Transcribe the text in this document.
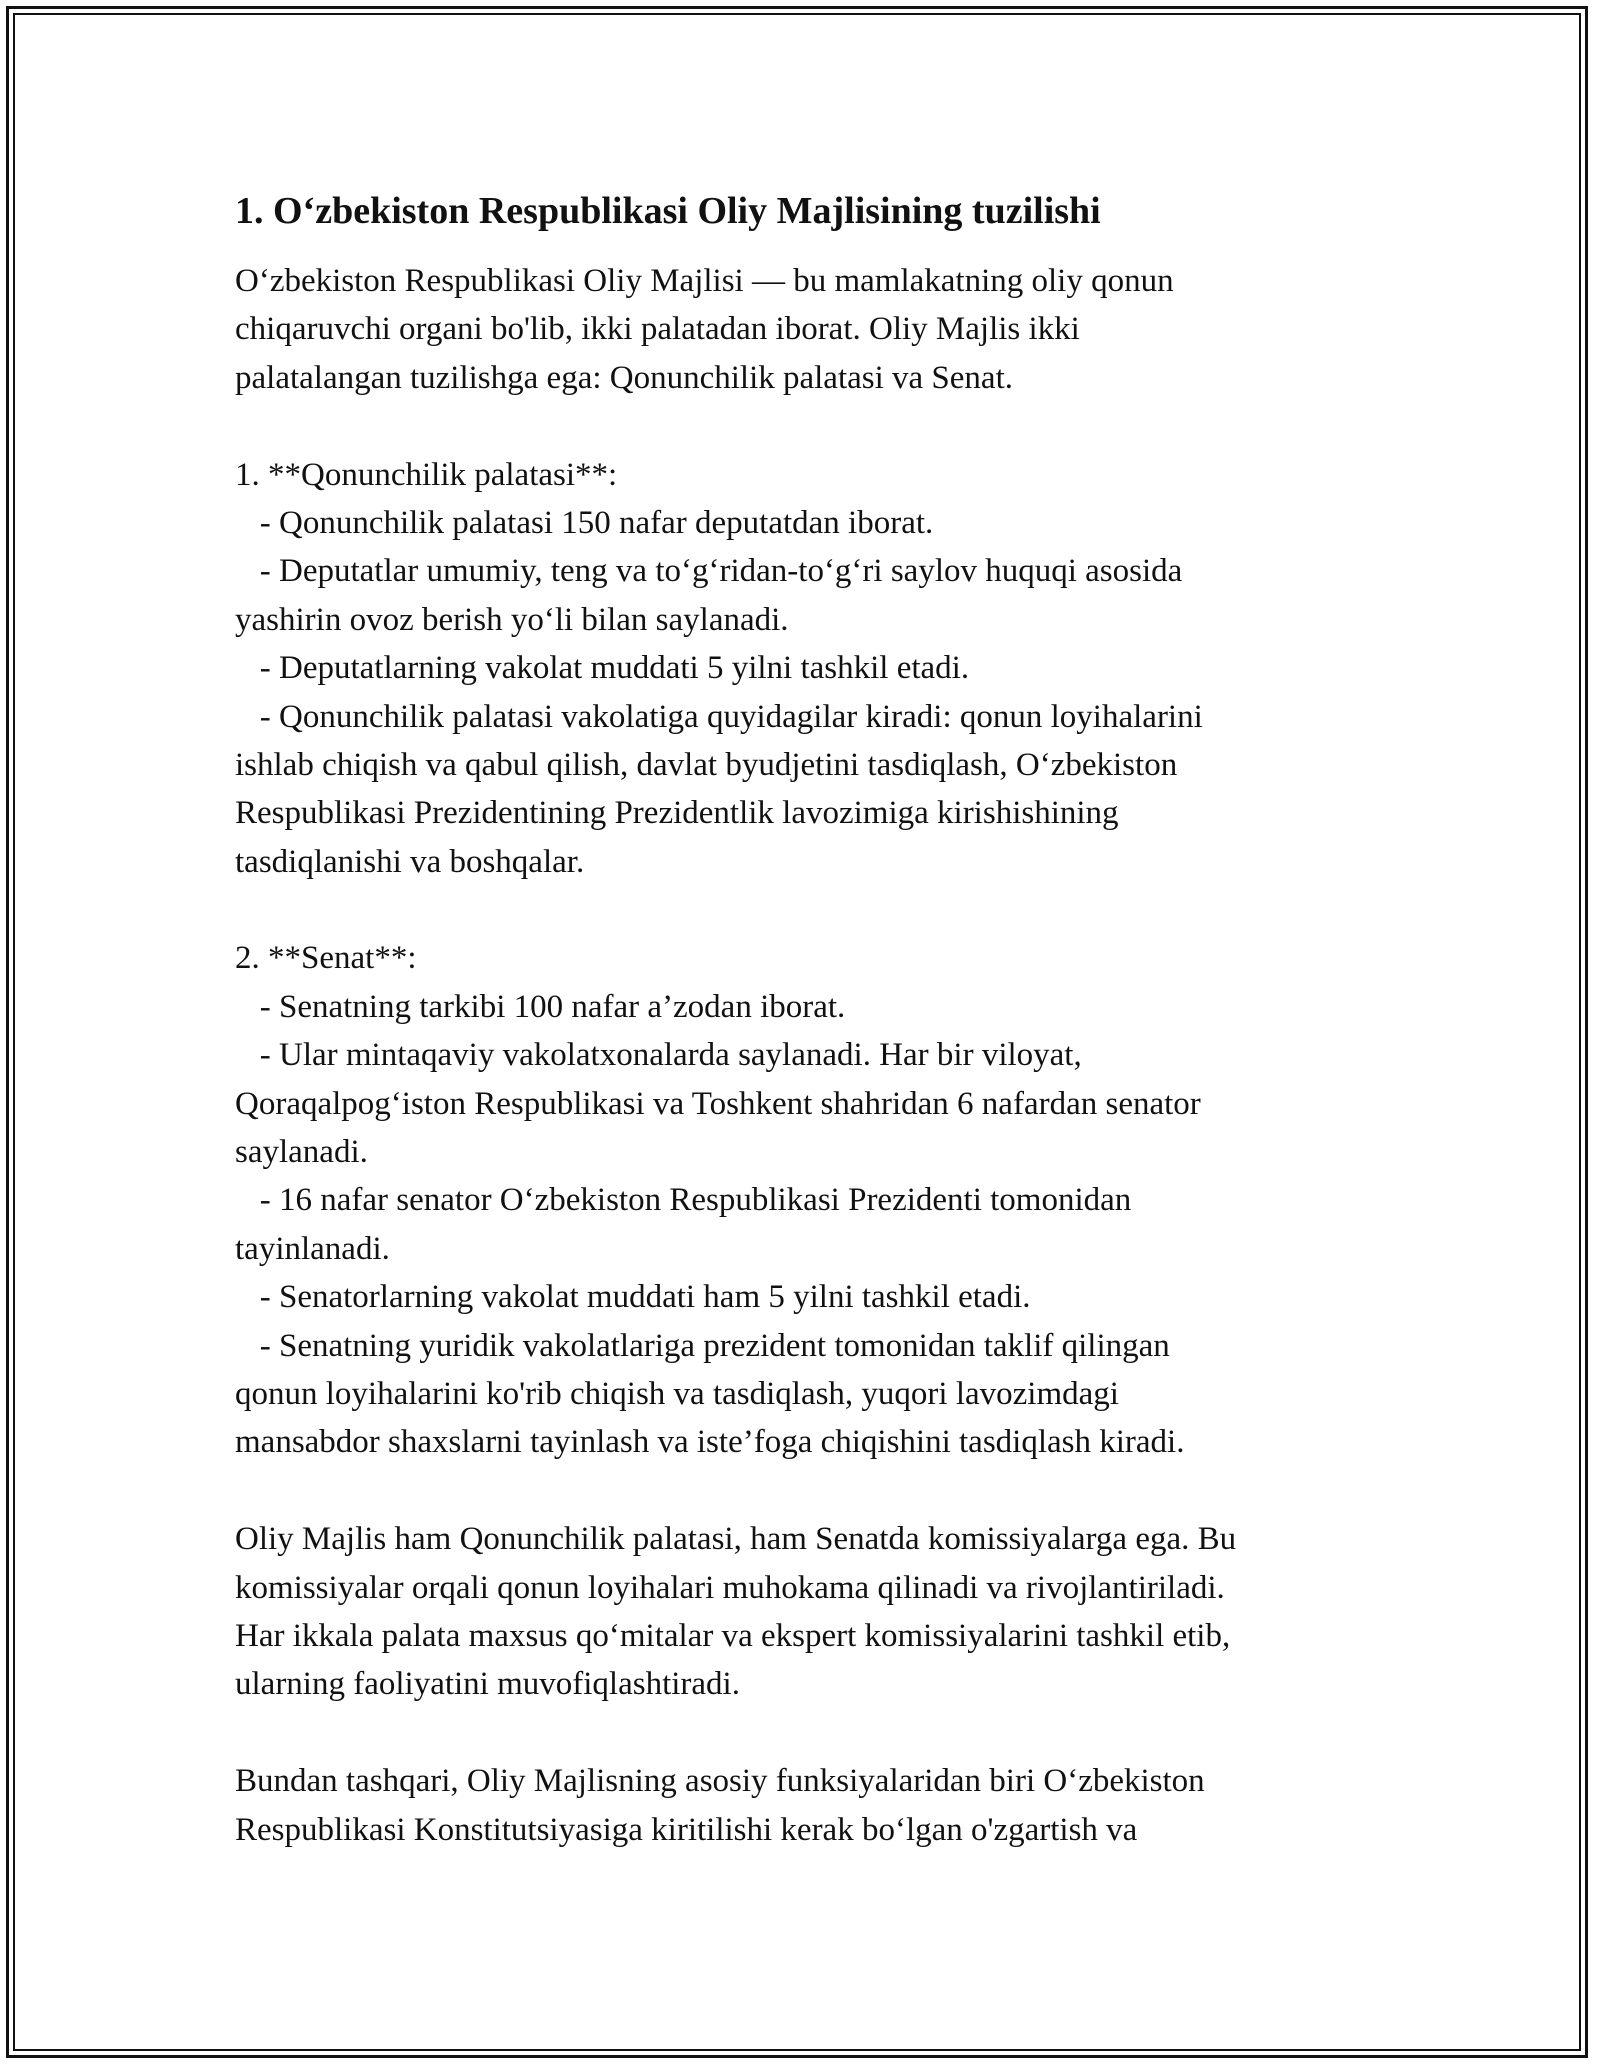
1. O‘zbekiston Respublikasi Oliy Majlisining tuzilishi
O‘zbekiston Respublikasi Oliy Majlisi — bu mamlakatning oliy qonun
chiqaruvchi organi bo'lib, ikki palatadan iborat. Oliy Majlis ikki
palatalangan tuzilishga ega: Qonunchilik palatasi va Senat.
1. **Qonunchilik palatasi**:
- Qonunchilik palatasi 150 nafar deputatdan iborat.
- Deputatlar umumiy, teng va to‘g‘ridan-to‘g‘ri saylov huquqi asosida
yashirin ovoz berish yo‘li bilan saylanadi.
- Deputatlarning vakolat muddati 5 yilni tashkil etadi.
- Qonunchilik palatasi vakolatiga quyidagilar kiradi: qonun loyihalarini
ishlab chiqish va qabul qilish, davlat byudjetini tasdiqlash, O‘zbekiston
Respublikasi Prezidentining Prezidentlik lavozimiga kirishishining
tasdiqlanishi va boshqalar.
2. **Senat**:
- Senatning tarkibi 100 nafar a’zodan iborat.
- Ular mintaqaviy vakolatxonalarda saylanadi. Har bir viloyat,
Qoraqalpog‘iston Respublikasi va Toshkent shahridan 6 nafardan senator
saylanadi.
- 16 nafar senator O‘zbekiston Respublikasi Prezidenti tomonidan
tayinlanadi.
- Senatorlarning vakolat muddati ham 5 yilni tashkil etadi.
- Senatning yuridik vakolatlariga prezident tomonidan taklif qilingan
qonun loyihalarini ko'rib chiqish va tasdiqlash, yuqori lavozimdagi
mansabdor shaxslarni tayinlash va iste’foga chiqishini tasdiqlash kiradi.
Oliy Majlis ham Qonunchilik palatasi, ham Senatda komissiyalarga ega. Bu
komissiyalar orqali qonun loyihalari muhokama qilinadi va rivojlantiriladi.
Har ikkala palata maxsus qo‘mitalar va ekspert komissiyalarini tashkil etib,
ularning faoliyatini muvofiqlashtiradi.
Bundan tashqari, Oliy Majlisning asosiy funksiyalaridan biri O‘zbekiston
Respublikasi Konstitutsiyasiga kiritilishi kerak bo‘lgan o'zgartish va
